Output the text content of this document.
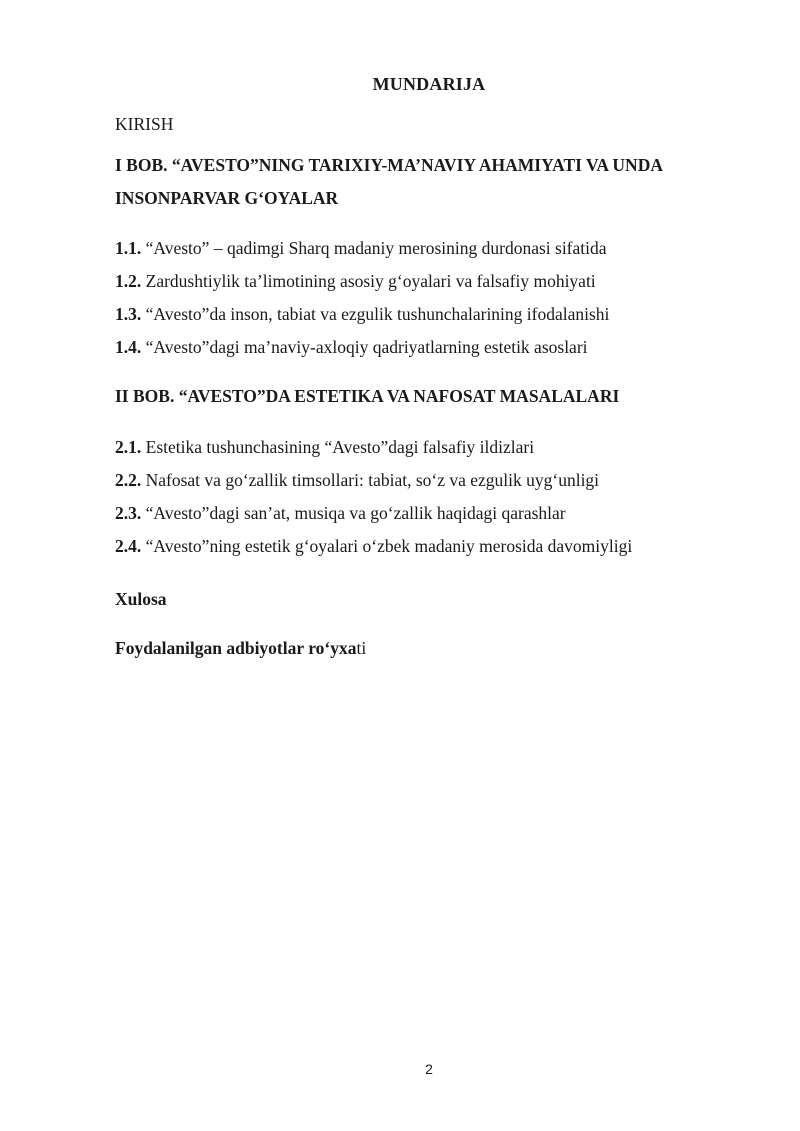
MUNDARIJA
KIRISH
I BOB. “AVESTO”NING TARIXIY-MA’NAVIY AHAMIYATI VA UNDA
INSONPARVAR G‘OYALAR
1.1. “Avesto” – qadimgi Sharq madaniy merosining durdonasi sifatida
1.2. Zardushtiylik ta’limotining asosiy g‘oyalari va falsafiy mohiyati
1.3. “Avesto”da inson, tabiat va ezgulik tushunchalarining ifodalanishi
1.4. “Avesto”dagi ma’naviy-axloqiy qadriyatlarning estetik asoslari
II BOB. “AVESTO”DA ESTETIKA VA NAFOSAT MASALALARI
2.1. Estetika tushunchasining “Avesto”dagi falsafiy ildizlari
2.2. Nafosat va go‘zallik timsollari: tabiat, so‘z va ezgulik uyg‘unligi
2.3. “Avesto”dagi san’at, musiqa va go‘zallik haqidagi qarashlar
2.4. “Avesto”ning estetik g‘oyalari o‘zbek madaniy merosida davomiyligi
Xulosa
Foydalanilgan adbiyotlar ro‘yxati
2
